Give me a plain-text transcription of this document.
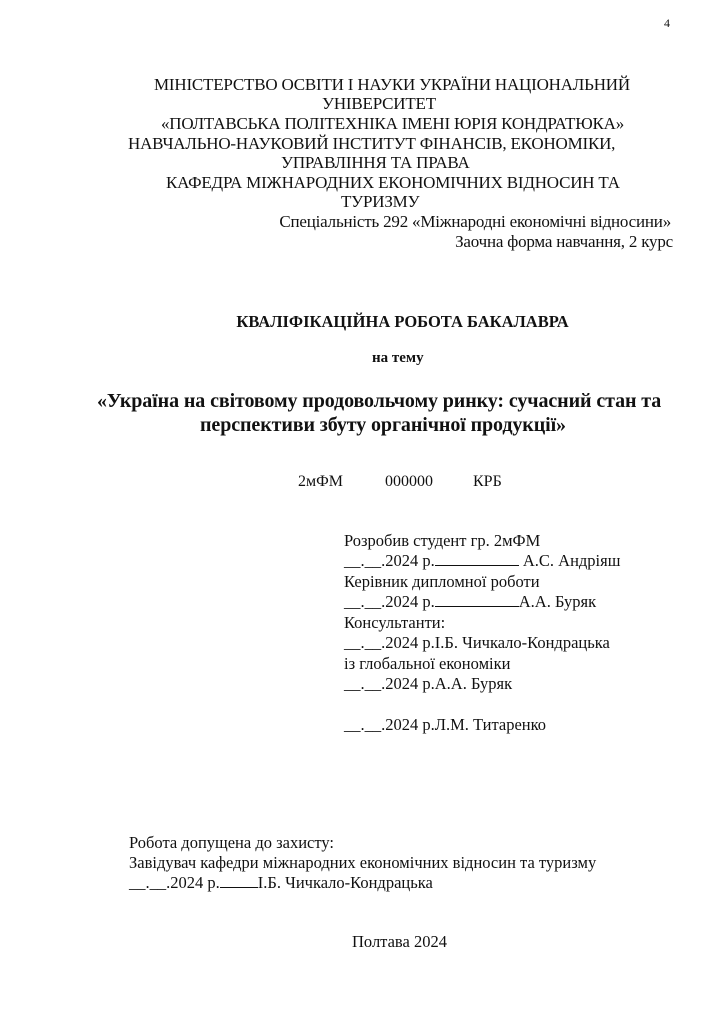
4
МІНІСТЕРСТВО ОСВІТИ І НАУКИ УКРАЇНИ НАЦІОНАЛЬНИЙ
УНІВЕРСИТЕТ
«ПОЛТАВСЬКА ПОЛІТЕХНІКА ІМЕНІ ЮРІЯ КОНДРАТЮКА»
НАВЧАЛЬНО-НАУКОВИЙ ІНСТИТУТ ФІНАНСІВ, ЕКОНОМІКИ,
УПРАВЛІННЯ ТА ПРАВА
КАФЕДРА МІЖНАРОДНИХ ЕКОНОМІЧНИХ ВІДНОСИН ТА
ТУРИЗМУ
Спеціальність 292 «Міжнародні економічні відносини»
Заочна форма навчання, 2 курс
КВАЛІФІКАЦІЙНА РОБОТА БАКАЛАВРА
на тему
«Україна на світовому продовольчому ринку: сучасний стан та
перспективи збуту органічної продукції»
2мФМ	000000	КРБ
Розробив студент гр. 2мФМ
__.__.2024 р.	А.С. Андріяш
Керівник дипломної роботи
__.__.2024 р.	А.А. Буряк
Консультанти:
__.__.2024 р.І.Б. Чичкало-Кондрацька
із глобальної економіки
__.__.2024 р.А.А. Буряк
__.__.2024 р.Л.М. Титаренко
Робота допущена до захисту:
Завідувач кафедри міжнародних економічних відносин та туризму
__.__.2024 р. І.Б. Чичкало-Кондрацька
Полтава 2024
